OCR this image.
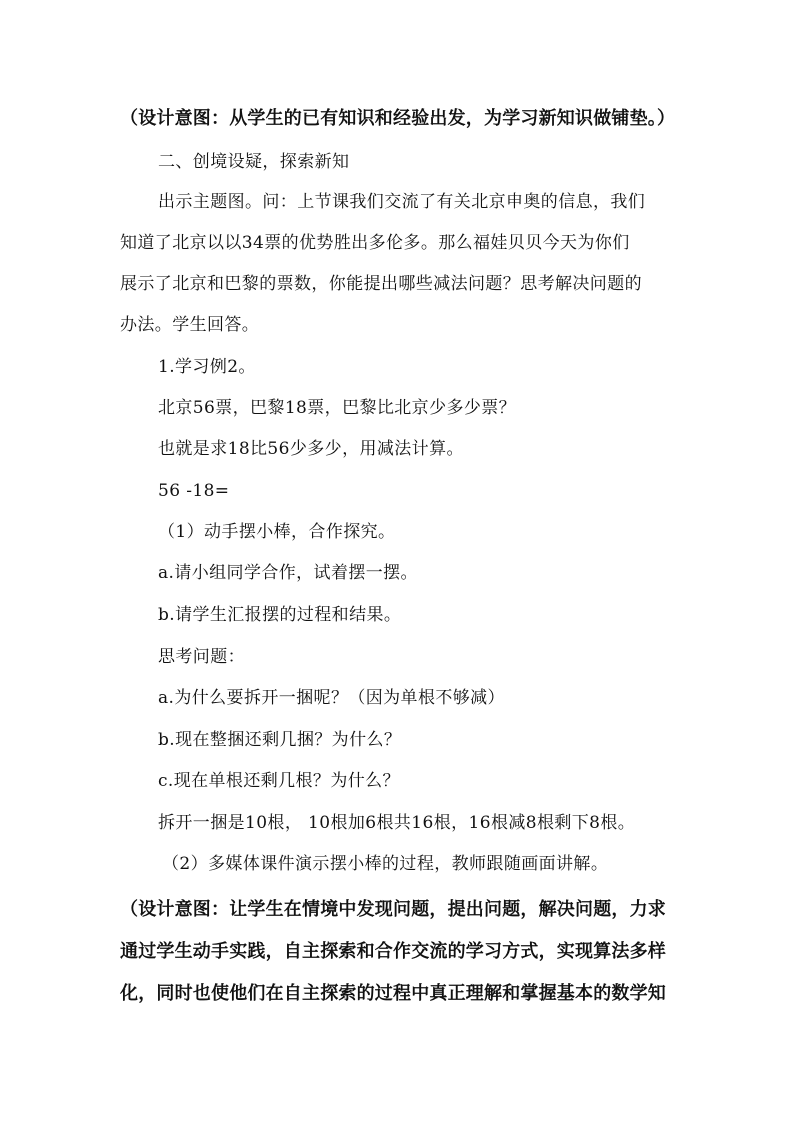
（设计意图：从学生的已有知识和经验出发，为学习新知识做铺垫。）
二、创境设疑，探索新知
出示主题图。问：上节课我们交流了有关北京申奥的信息，我们
知道了北京以以34票的优势胜出多伦多。那么福娃贝贝今天为你们
展示了北京和巴黎的票数，你能提出哪些减法问题？思考解决问题的
办法。学生回答。
1.学习例2。
北京56票，巴黎18票，巴黎比北京少多少票？
也就是求18比56少多少，用减法计算。
56 -18=
（1）动手摆小棒，合作探究。
a.请小组同学合作，试着摆一摆。
b.请学生汇报摆的过程和结果。
思考问题：
a.为什么要拆开一捆呢？（因为单根不够减）
b.现在整捆还剩几捆？为什么？
c.现在单根还剩几根？为什么？
拆开一捆是10根， 10根加6根共16根，16根减8根剩下8根。
（2）多媒体课件演示摆小棒的过程，教师跟随画面讲解。
（设计意图：让学生在情境中发现问题，提出问题，解决问题，力求
通过学生动手实践，自主探索和合作交流的学习方式，实现算法多样
化，同时也使他们在自主探索的过程中真正理解和掌握基本的数学知
